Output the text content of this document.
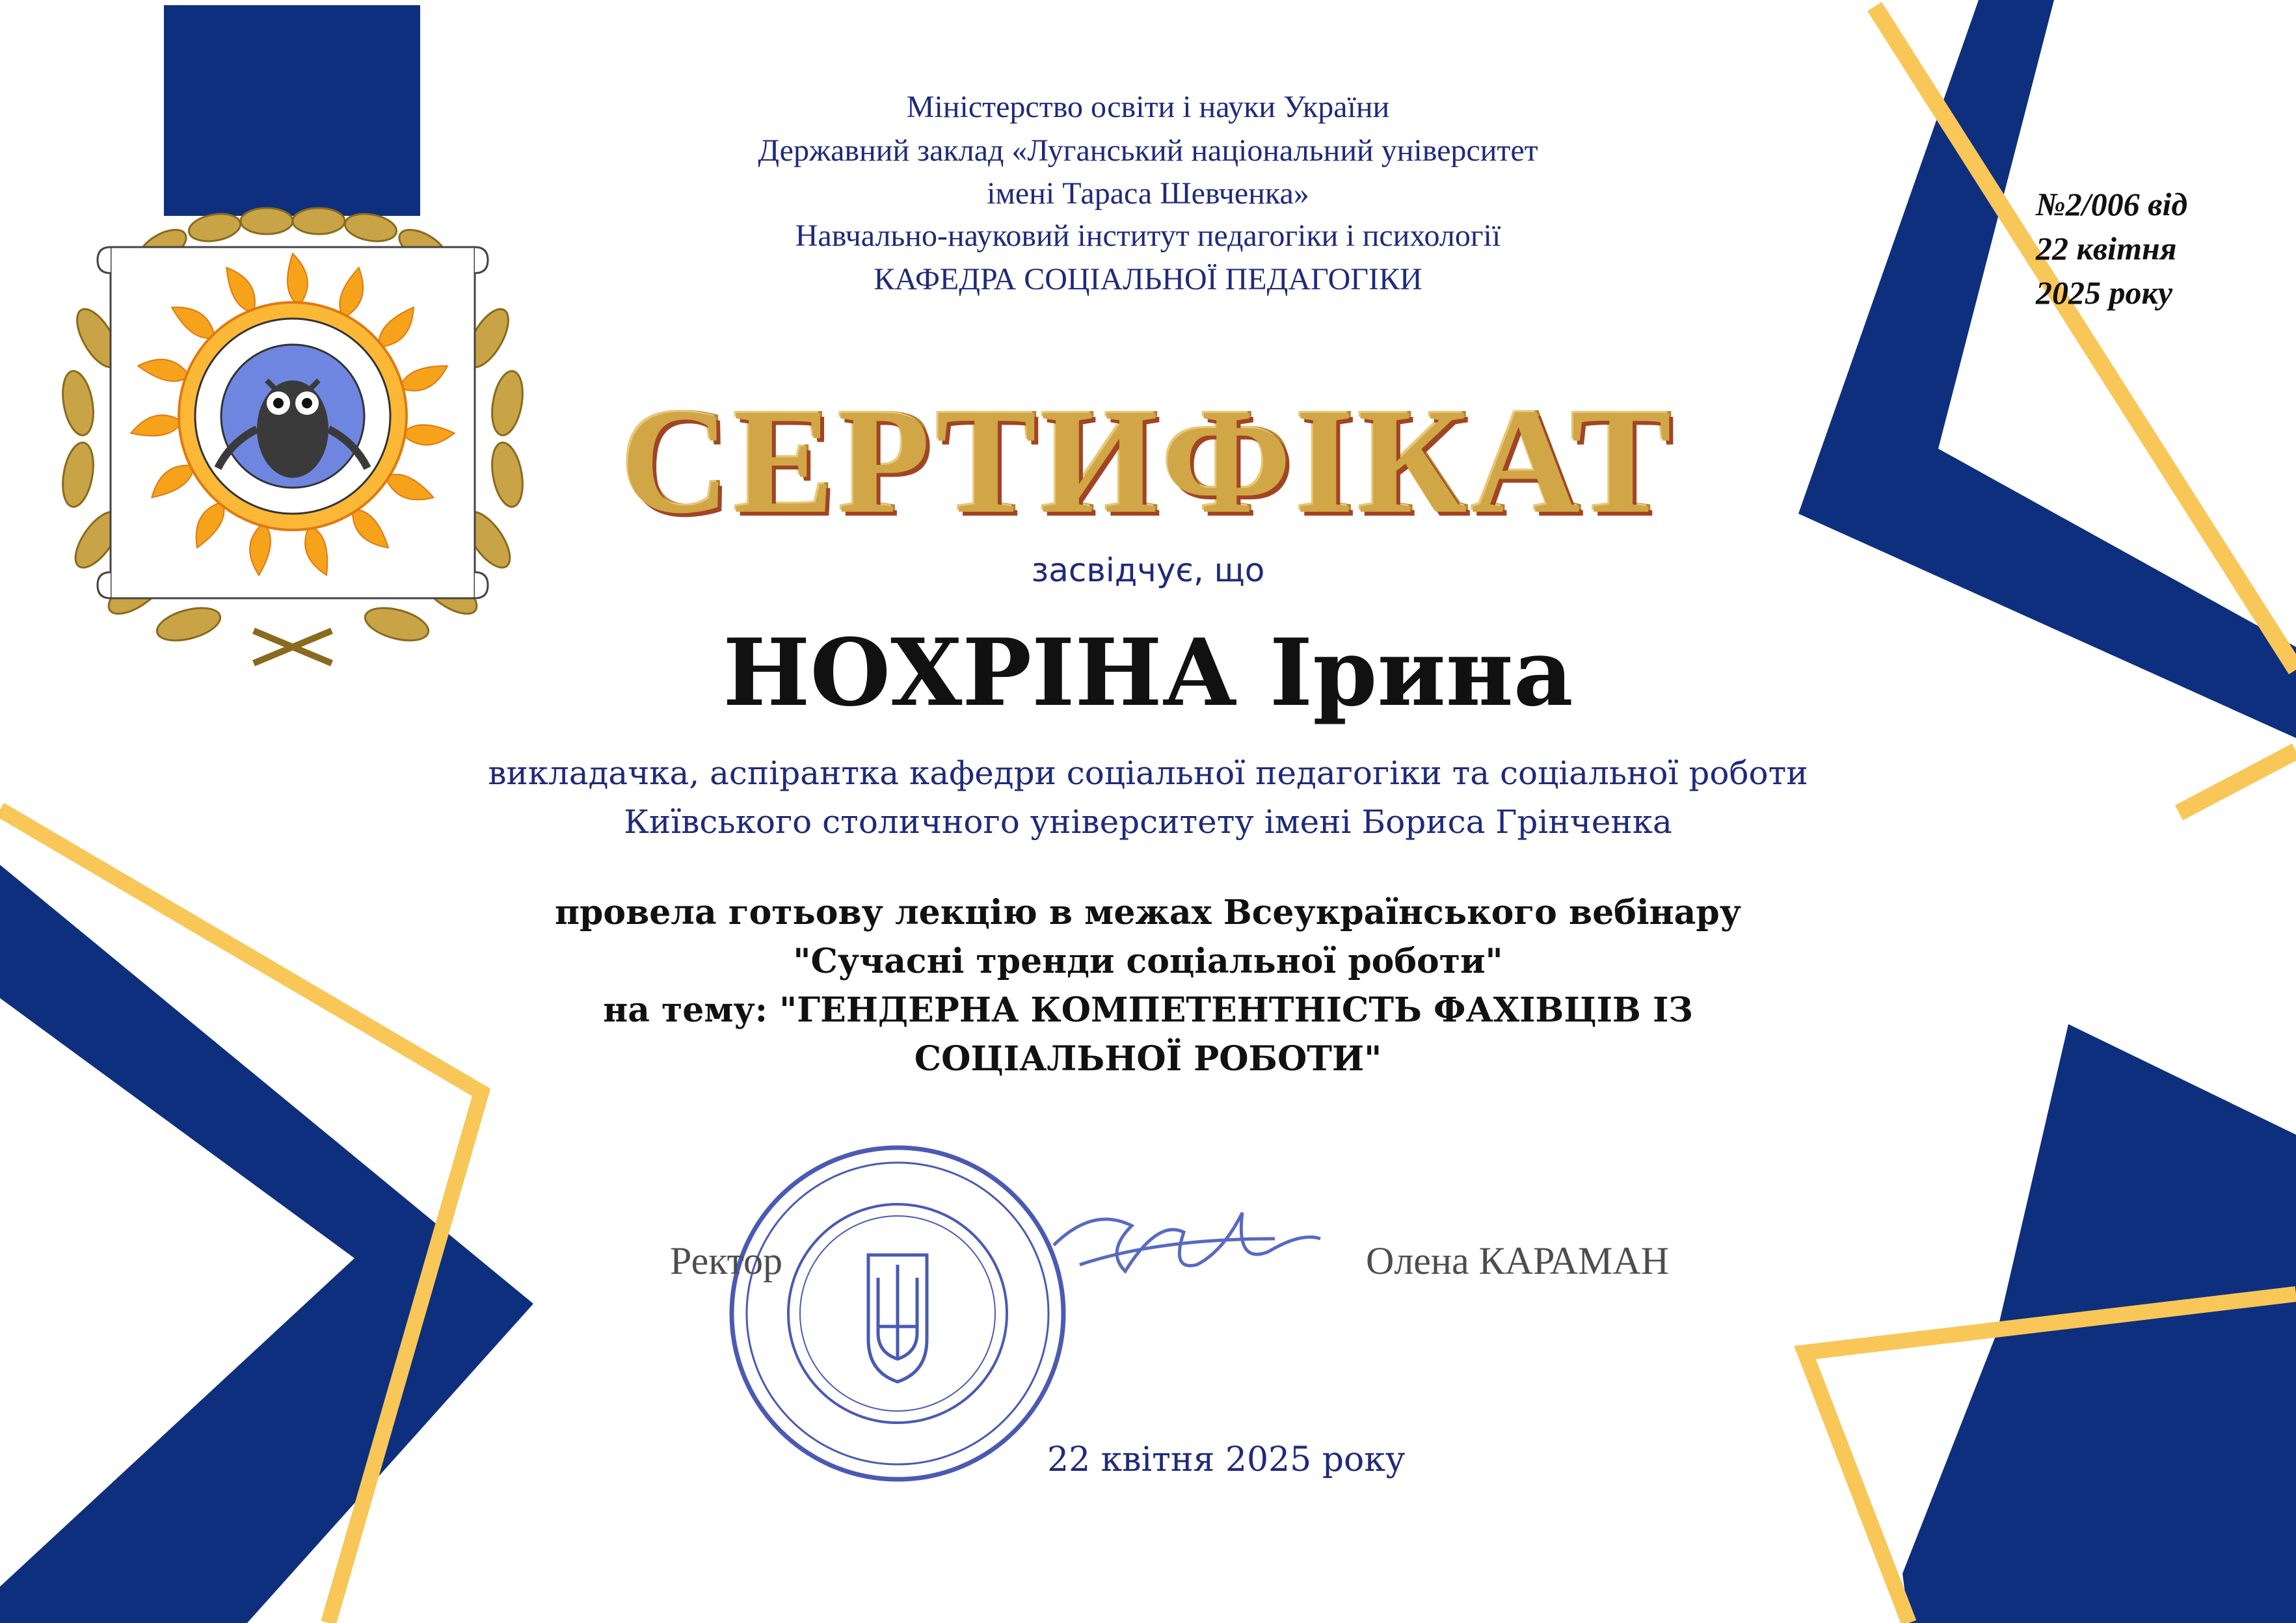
Міністерство освіти і науки України
Державний заклад «Луганський національний університет
імені Тараса Шевченка»
Навчально-науковий інститут педагогіки і психології
КАФЕДРА СОЦІАЛЬНОЇ ПЕДАГОГІКИ
№2/006 від
22 квітня
2025 року
СЕРТИФІКАТ
засвідчує, що
НОХРІНА Ірина
викладачка, аспірантка кафедри соціальної педагогіки та соціальної роботи
Київського столичного університету імені Бориса Грінченка
провела готьову лекцію в межах Всеукраїнського вебінару
"Сучасні тренди соціальної роботи"
на тему: "ГЕНДЕРНА КОМПЕТЕНТНІСТЬ ФАХІВЦІВ ІЗ
СОЦІАЛЬНОЇ РОБОТИ"
Ректор	Олена КАРАМАН
22 квітня 2025 року
